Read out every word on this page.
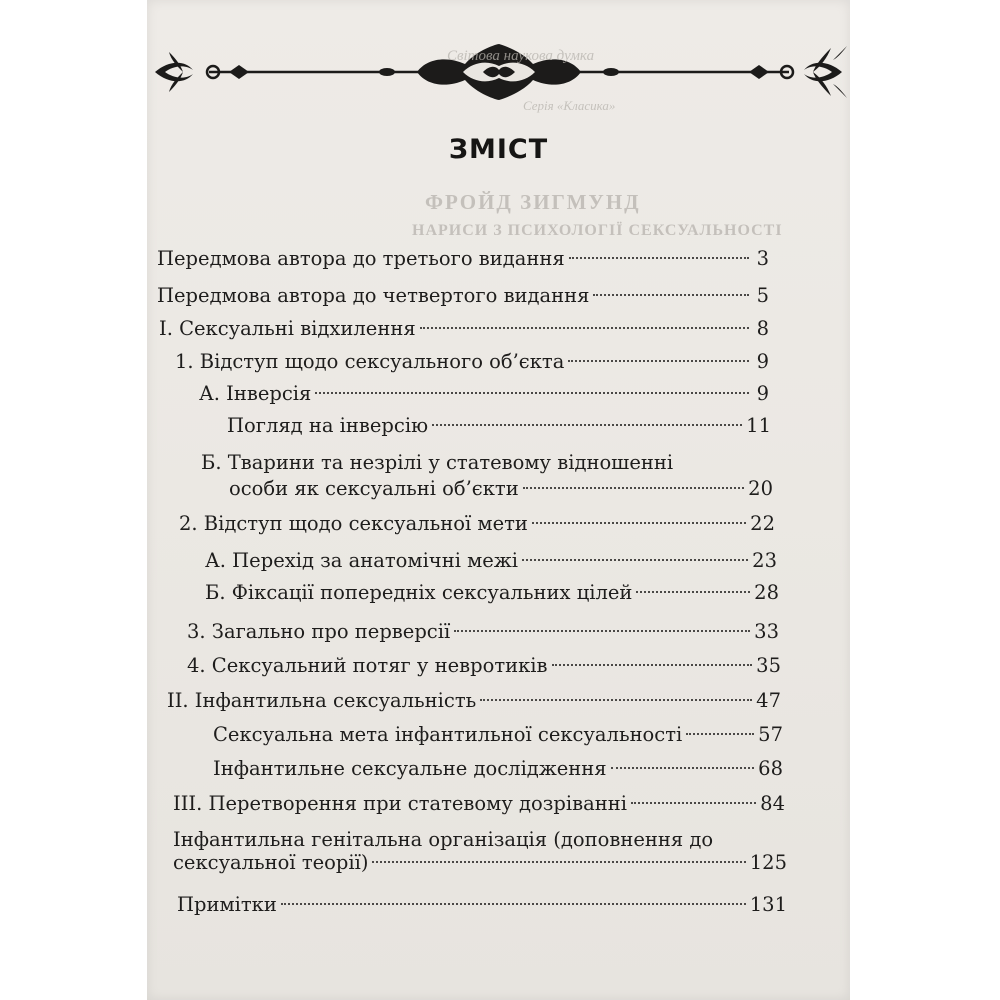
Світова наукова думка
Серія «Класика»
ФРОЙД ЗИГМУНД
НАРИСИ З ПСИХОЛОГІЇ СЕКСУАЛЬНОСТІ
ЗМІСТ
Передмова автора до третього видання	3
Передмова автора до четвертого видання	5
І. Сексуальні відхилення	8
1. Відступ щодо сексуального об’єкта	9
А. Інверсія	9
Погляд на інверсію	11
Б. Тварини та незрілі у статевому відношенні
особи як сексуальні об’єкти	20
2. Відступ щодо сексуальної мети	22
А. Перехід за анатомічні межі	23
Б. Фіксації попередніх сексуальних цілей	28
3. Загально про перверсії	33
4. Сексуальний потяг у невротиків	35
ІІ. Інфантильна сексуальність	47
Сексуальна мета інфантильної сексуальності	57
Інфантильне сексуальне дослідження	68
ІІІ. Перетворення при статевому дозріванні	84
Інфантильна генітальна організація (доповнення до
сексуальної теорії)	125
Примітки	131
